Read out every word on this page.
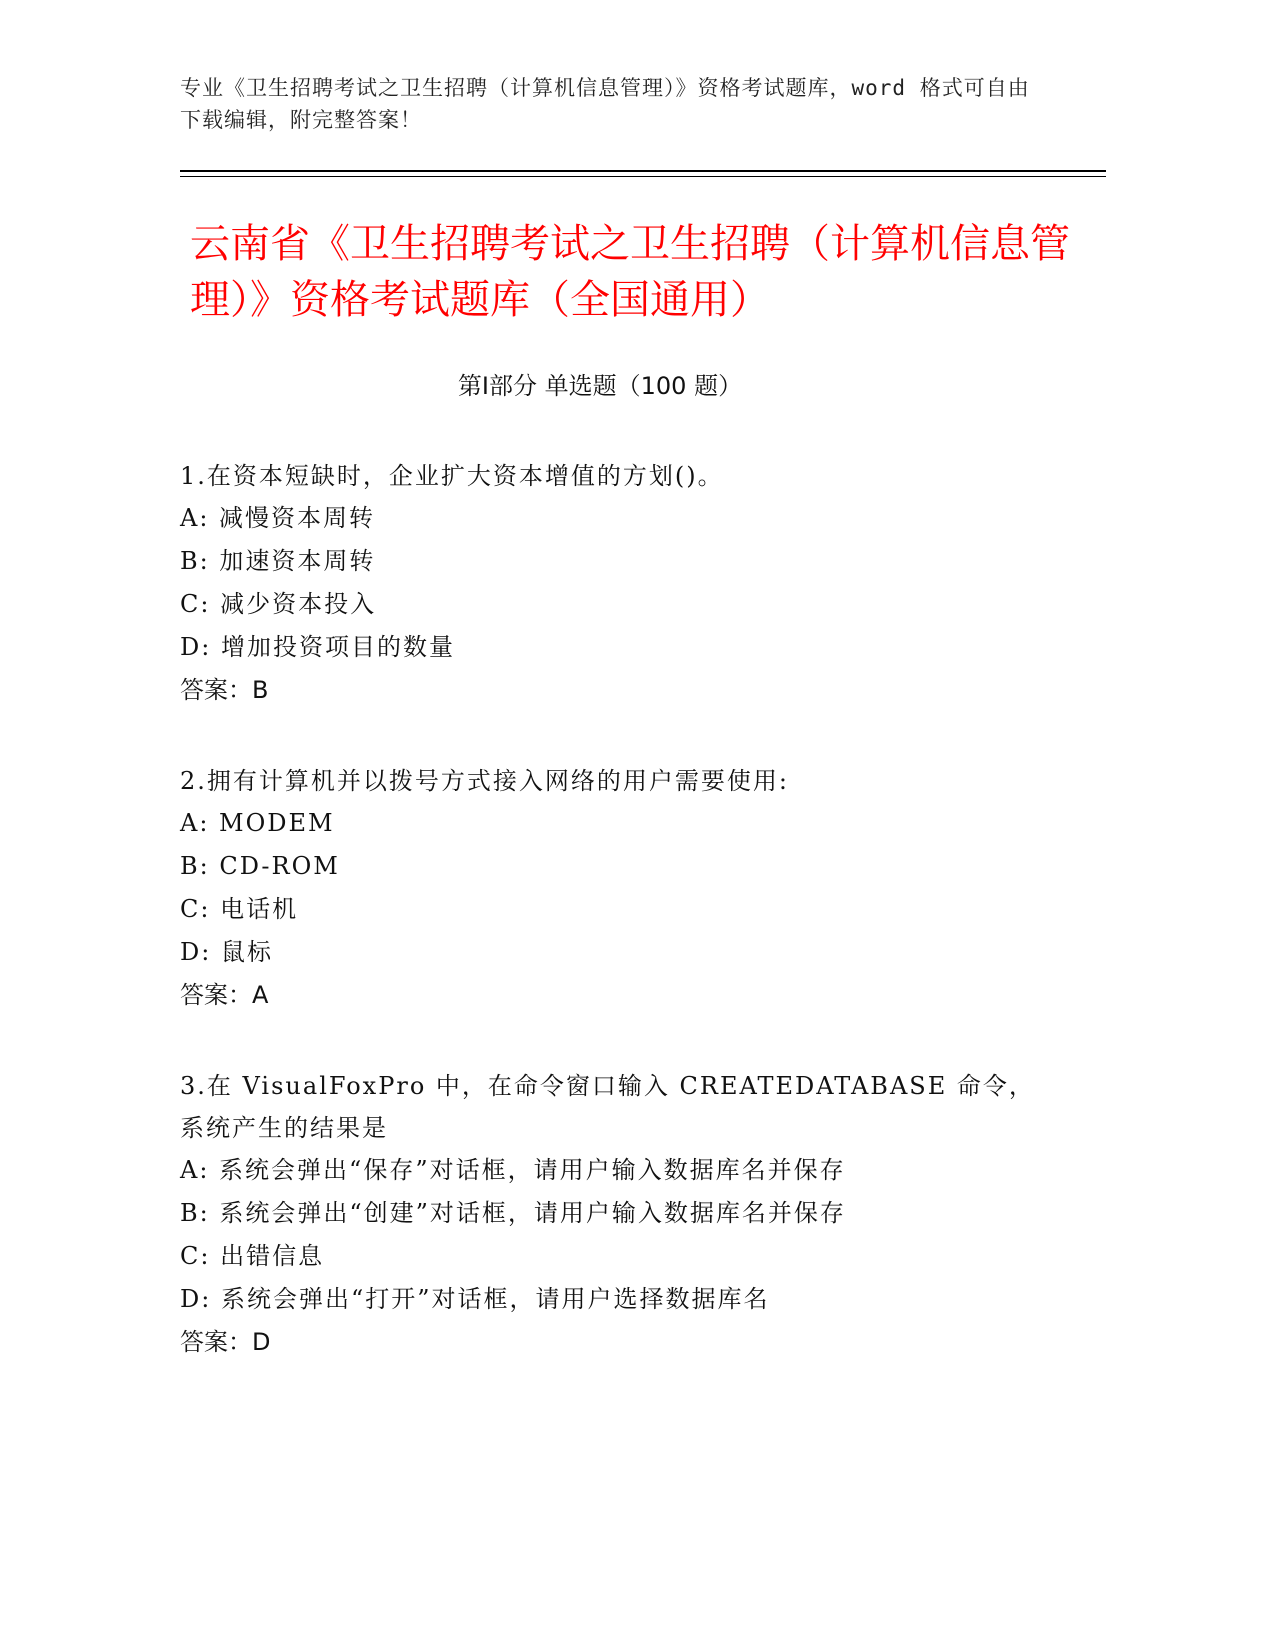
专业《卫生招聘考试之卫生招聘（计算机信息管理）》资格考试题库，word 格式可自由下载编辑，附完整答案！
云南省《卫生招聘考试之卫生招聘（计算机信息管理）》资格考试题库（全国通用）
第Ⅰ部分 单选题（100 题）

1.在资本短缺时，企业扩大资本增值的方划()。

A: 减慢资本周转

B: 加速资本周转

C: 减少资本投入

D: 增加投资项目的数量

答案：B

2.拥有计算机并以拨号方式接入网络的用户需要使用:

A: MODEM

B: CD-ROM

C: 电话机

D: 鼠标

答案：A

3.在 VisualFoxPro 中，在命令窗口输入 CREATEDATABASE 命令，系统产生的结果是

A: 系统会弹出“保存”对话框，请用户输入数据库名并保存

B: 系统会弹出“创建”对话框，请用户输入数据库名并保存

C: 出错信息

D: 系统会弹出“打开”对话框，请用户选择数据库名

答案：D
